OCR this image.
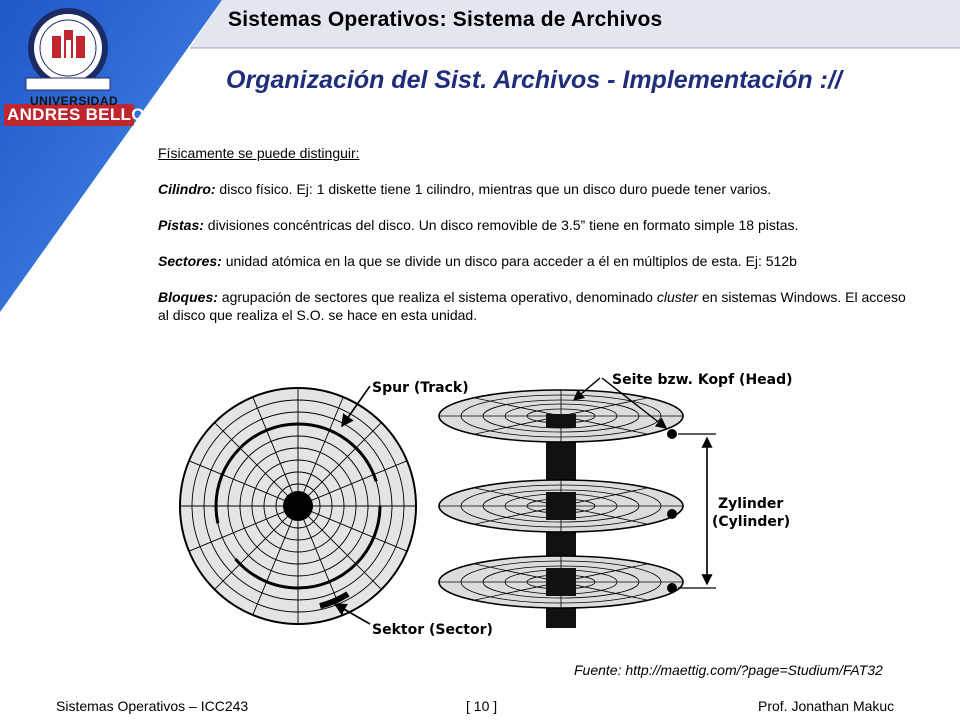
Sistemas Operativos: Sistema de Archivos
Organización del Sist. Archivos - Implementación ://
UNIVERSIDAD
ANDRES BELLO

Físicamente se puede distinguir:

Cilindro: disco físico. Ej: 1 diskette tiene 1 cilindro, mientras que un disco duro puede tener varios.

Pistas: divisiones concéntricas del disco. Un disco removible de 3.5” tiene en formato simple 18 pistas.

Sectores: unidad atómica en la que se divide un disco para acceder a él en múltiplos de esta. Ej: 512b

Bloques: agrupación de sectores que realiza el sistema operativo, denominado cluster en sistemas Windows. El acceso al disco que realiza el S.O. se hace en esta unidad.

Spur (Track)
Sektor (Sector)
Seite bzw. Kopf (Head)
Zylinder
(Cylinder)
Fuente: http://maettig.com/?page=Studium/FAT32
Sistemas Operativos – ICC243	[ 10 ]	Prof. Jonathan Makuc
